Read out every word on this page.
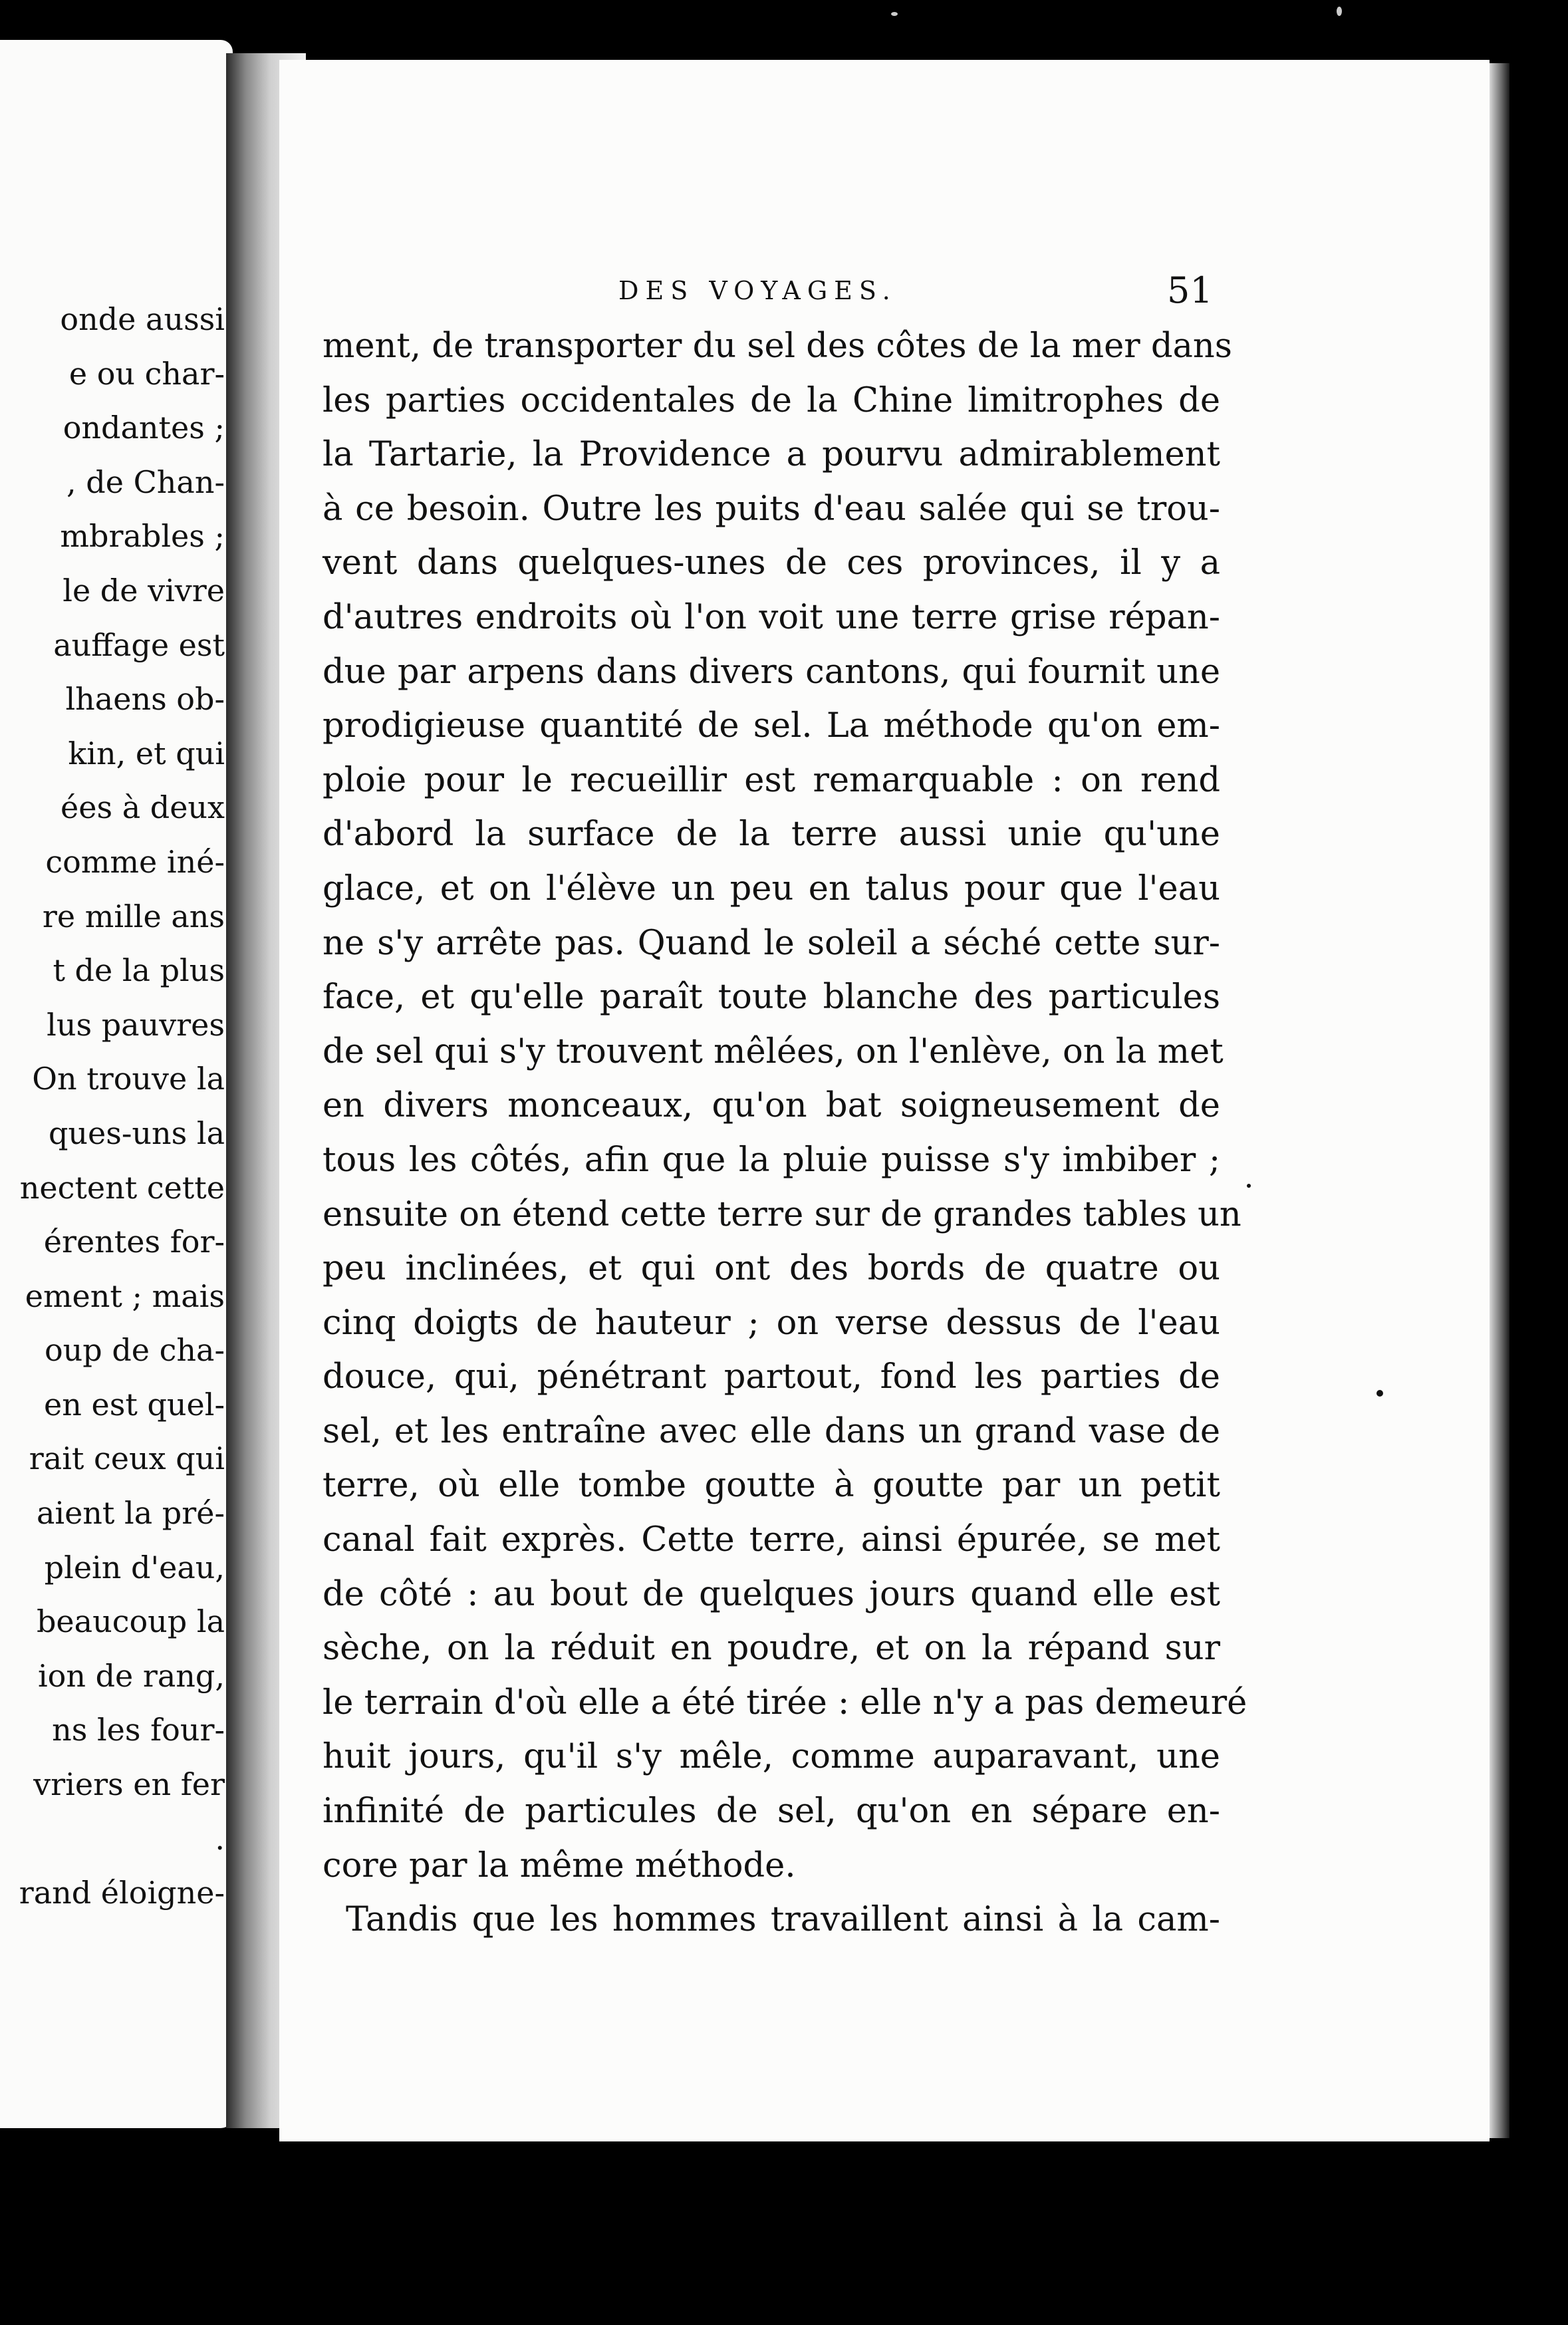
onde aussi
e ou char-
ondantes ;
, de Chan-
mbrables ;
le de vivre
auffage est
lhaens ob-
kin, et qui
ées à deux
comme iné-
re mille ans
t de la plus
lus pauvres
On trouve la
ques-uns la
nectent cette
érentes for-
ement ; mais
oup de cha-
en est quel-
rait ceux qui
aient la pré-
plein d'eau,
beaucoup la
ion de rang,
ns les four-
vriers en fer
.
rand éloigne-
DES VOYAGES.	51
ment, de transporter du sel des côtes de la mer dans
les parties occidentales de la Chine limitrophes de
la Tartarie, la Providence a pourvu admirablement
à ce besoin. Outre les puits d'eau salée qui se trou-
vent dans quelques-unes de ces provinces, il y a
d'autres endroits où l'on voit une terre grise répan-
due par arpens dans divers cantons, qui fournit une
prodigieuse quantité de sel. La méthode qu'on em-
ploie pour le recueillir est remarquable : on rend
d'abord la surface de la terre aussi unie qu'une
glace, et on l'élève un peu en talus pour que l'eau
ne s'y arrête pas. Quand le soleil a séché cette sur-
face, et qu'elle paraît toute blanche des particules
de sel qui s'y trouvent mêlées, on l'enlève, on la met
en divers monceaux, qu'on bat soigneusement de
tous les côtés, afin que la pluie puisse s'y imbiber ;
ensuite on étend cette terre sur de grandes tables un
peu inclinées, et qui ont des bords de quatre ou
cinq doigts de hauteur ; on verse dessus de l'eau
douce, qui, pénétrant partout, fond les parties de
sel, et les entraîne avec elle dans un grand vase de
terre, où elle tombe goutte à goutte par un petit
canal fait exprès. Cette terre, ainsi épurée, se met
de côté : au bout de quelques jours quand elle est
sèche, on la réduit en poudre, et on la répand sur
le terrain d'où elle a été tirée : elle n'y a pas demeuré
huit jours, qu'il s'y mêle, comme auparavant, une
infinité de particules de sel, qu'on en sépare en-
core par la même méthode.
Tandis que les hommes travaillent ainsi à la cam-
